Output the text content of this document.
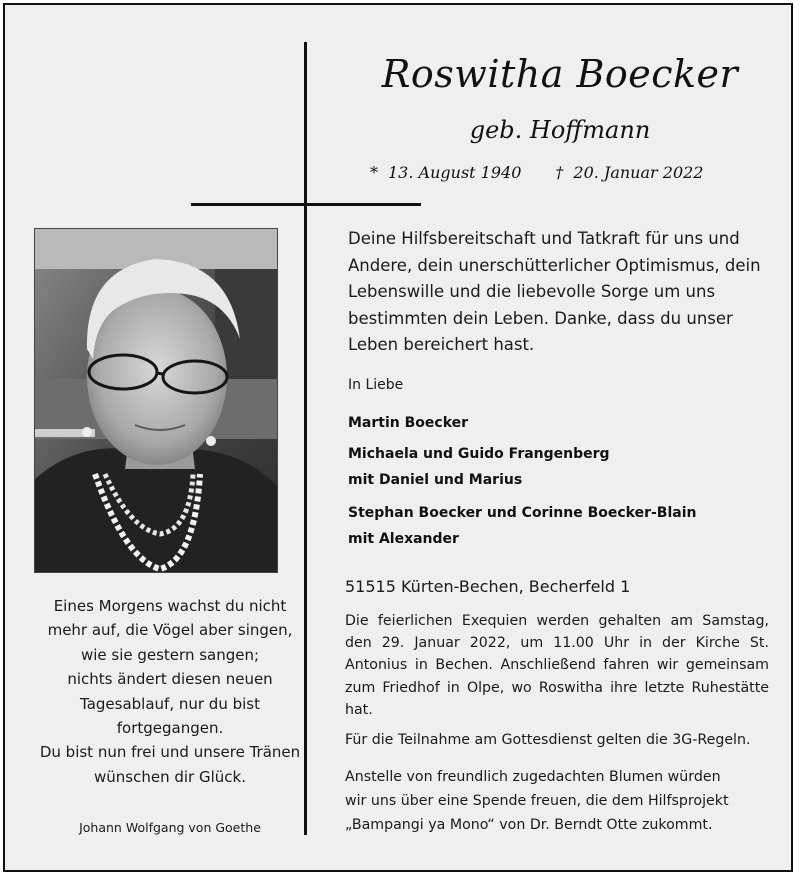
Roswitha Boecker
geb. Hoffmann
* 13. August 1940 † 20. Januar 2022
Eines Morgens wachst du nicht
mehr auf, die Vögel aber singen,
wie sie gestern sangen;
nichts ändert diesen neuen
Tagesablauf, nur du bist
fortgegangen.
Du bist nun frei und unsere Tränen
wünschen dir Glück.
Johann Wolfgang von Goethe
Deine Hilfsbereitschaft und Tatkraft für uns und
Andere, dein unerschütterlicher Optimismus, dein
Lebenswille und die liebevolle Sorge um uns
bestimmten dein Leben. Danke, dass du unser
Leben bereichert hast.
In Liebe
Martin Boecker
Michaela und Guido Frangenberg
mit Daniel und Marius
Stephan Boecker und Corinne Boecker-Blain
mit Alexander
51515 Kürten-Bechen, Becherfeld 1
Die feierlichen Exequien werden gehalten am Samstag, den 29. Januar 2022, um 11.00 Uhr in der Kirche St. Antonius in Bechen. Anschließend fahren wir gemeinsam zum Friedhof in Olpe, wo Roswitha ihre letzte Ruhestätte hat.
Für die Teilnahme am Gottesdienst gelten die 3G-Regeln.
Anstelle von freundlich zugedachten Blumen würden
wir uns über eine Spende freuen, die dem Hilfsprojekt
„Bampangi ya Mono“ von Dr. Berndt Otte zukommt.
